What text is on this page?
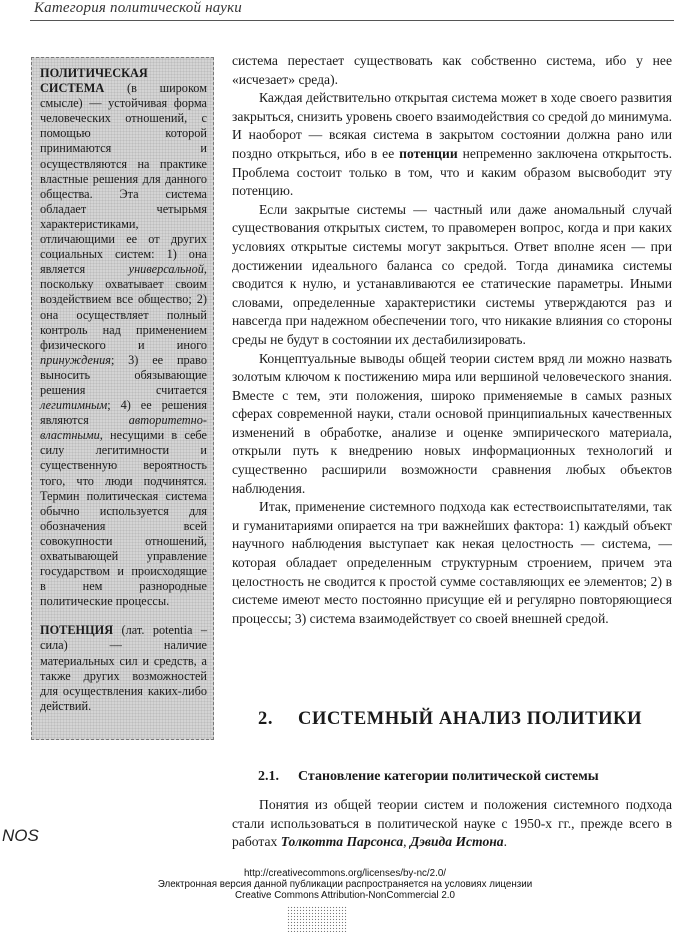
Категория политической науки

ПОЛИТИЧЕСКАЯ СИСТЕМА (в широком смысле) — устойчивая форма человеческих отношений, с помощью которой принимаются и осуществляются на практике властные решения для данного общества. Эта система обладает четырьмя характеристиками, отличающими ее от других социальных систем: 1) она является универсальной, поскольку охватывает своим воздействием все общество; 2) она осуществляет полный контроль над применением физического и иного принуждения; 3) ее право выносить обязывающие решения считается легитимным; 4) ее решения являются авторитетно-властными, несущими в себе силу легитимности и существенную вероятность того, что люди подчинятся. Термин политическая система обычно используется для обозначения всей совокупности отношений, охватывающей управление государством и происходящие в нем разнородные политические процессы.

ПОТЕНЦИЯ (лат. potentia – сила) — наличие материальных сил и средств, а также других возможностей для осуществления каких-либо действий.

система перестает существовать как собственно система, ибо у нее «исчезает» среда).

Каждая действительно открытая система может в ходе своего развития закрыться, снизить уровень своего взаимодействия со средой до минимума. И наоборот — всякая система в закрытом состоянии должна рано или поздно открыться, ибо в ее потенции непременно заключена открытость. Проблема состоит только в том, что и каким образом высвободит эту потенцию.

Если закрытые системы — частный или даже аномальный случай существования открытых систем, то правомерен вопрос, когда и при каких условиях открытые системы могут закрыться. Ответ вполне ясен — при достижении идеального баланса со средой. Тогда динамика системы сводится к нулю, и устанавливаются ее статические параметры. Иными словами, определенные характеристики системы утверждаются раз и навсегда при надежном обеспечении того, что никакие влияния со стороны среды не будут в состоянии их дестабилизировать.

Концептуальные выводы общей теории систем вряд ли можно назвать золотым ключом к постижению мира или вершиной человеческого знания. Вместе с тем, эти положения, широко применяемые в самых разных сферах современной науки, стали основой принципиальных качественных изменений в обработке, анализе и оценке эмпирического материала, открыли путь к внедрению новых информационных технологий и существенно расширили возможности сравнения любых объектов наблюдения.

Итак, применение системного подхода как естествоиспытателями, так и гуманитариями опирается на три важнейших фактора: 1) каждый объект научного наблюдения выступает как некая целостность — система, — которая обладает определенным структурным строением, причем эта целостность не сводится к простой сумме составляющих ее элементов; 2) в системе имеют место постоянно присущие ей и регулярно повторяющиеся процессы; 3) система взаимодействует со своей внешней средой.

2. СИСТЕМНЫЙ АНАЛИЗ ПОЛИТИКИ
2.1. Становление категории политической системы

Понятия из общей теории систем и положения системного подхода стали использоваться в политической науке с 1950-х гг., прежде всего в работах Толкотта Парсонса, Дэвида Истона.

NOS
http://creativecommons.org/licenses/by-nc/2.0/
Электронная версия данной публикации распространяется на условиях лицензии
Creative Commons Attribution-NonCommercial 2.0
